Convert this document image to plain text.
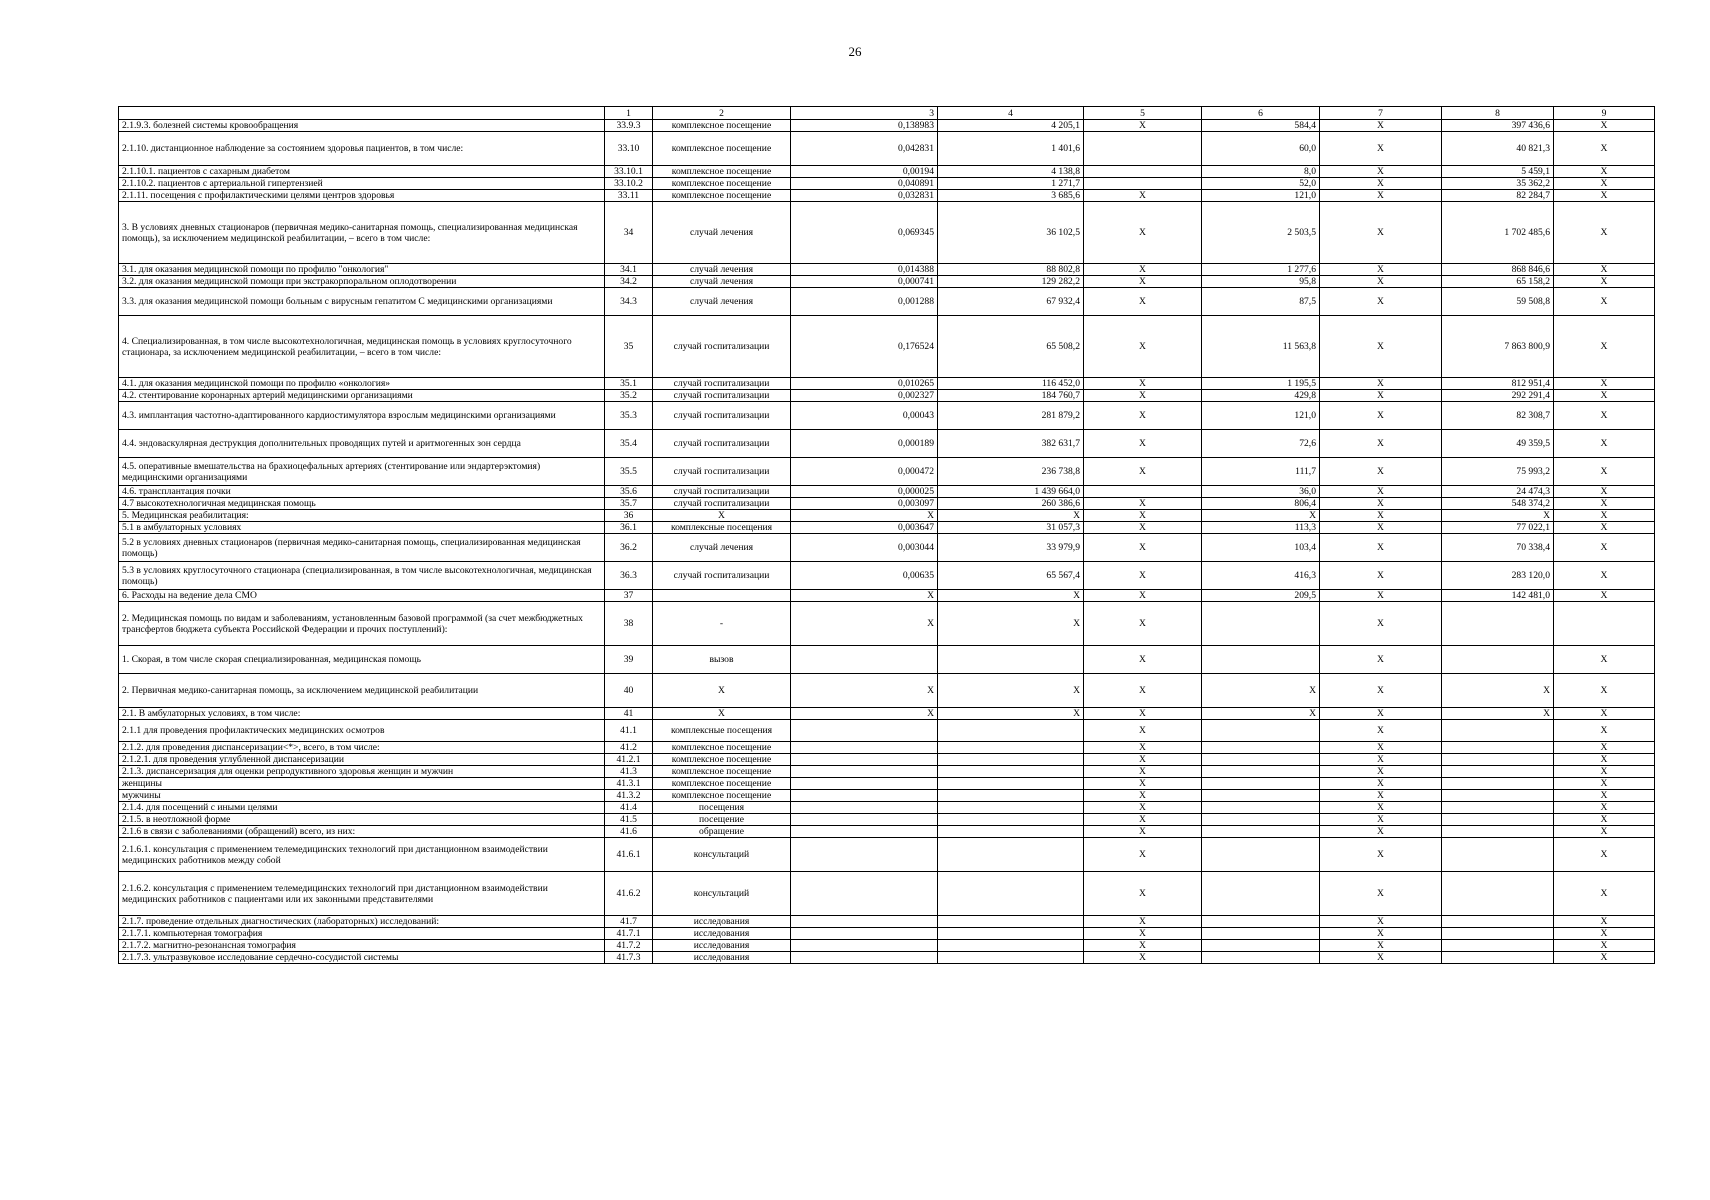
26
	1	2	3	4	5	6	7	8	9
2.1.9.3. болезней системы кровообращения	33.9.3	комплексное посещение	0,138983	4 205,1	X	584,4	X	397 436,6	X
2.1.10. дистанционное наблюдение за состоянием здоровья пациентов, в том числе:	33.10	комплексное посещение	0,042831	1 401,6		60,0	X	40 821,3	X
2.1.10.1. пациентов с сахарным диабетом	33.10.1	комплексное посещение	0,00194	4 138,8		8,0	X	5 459,1	X
2.1.10.2. пациентов с артериальной гипертензией	33.10.2	комплексное посещение	0,040891	1 271,7		52,0	X	35 362,2	X
2.1.11. посещения с профилактическими целями центров здоровья	33.11	комплексное посещение	0,032831	3 685,6	X	121,0	X	82 284,7	X
3. В условиях дневных стационаров (первичная медико-санитарная помощь, специализированная медицинская помощь), за исключением медицинской реабилитации, – всего в том числе:	34	случай лечения	0,069345	36 102,5	X	2 503,5	X	1 702 485,6	X
3.1. для оказания медицинской помощи по профилю "онкология"	34.1	случай лечения	0,014388	88 802,8	X	1 277,6	X	868 846,6	X
3.2. для оказания медицинской помощи при экстракорпоральном оплодотворении	34.2	случай лечения	0,000741	129 282,2	X	95,8	X	65 158,2	X
3.3. для оказания медицинской помощи больным с вирусным гепатитом С медицинскими организациями	34.3	случай лечения	0,001288	67 932,4	X	87,5	X	59 508,8	X
4. Специализированная, в том числе высокотехнологичная, медицинская помощь в условиях круглосуточного стационара, за исключением медицинской реабилитации, – всего в том числе:	35	случай госпитализации	0,176524	65 508,2	X	11 563,8	X	7 863 800,9	X
4.1. для оказания медицинской помощи по профилю «онкология»	35.1	случай госпитализации	0,010265	116 452,0	X	1 195,5	X	812 951,4	X
4.2. стентирование коронарных артерий медицинскими организациями	35.2	случай госпитализации	0,002327	184 760,7	X	429,8	X	292 291,4	X
4.3. имплантация частотно-адаптированного кардиостимулятора взрослым медицинскими организациями	35.3	случай госпитализации	0,00043	281 879,2	X	121,0	X	82 308,7	X
4.4. эндоваскулярная деструкция дополнительных проводящих путей и аритмогенных зон сердца	35.4	случай госпитализации	0,000189	382 631,7	X	72,6	X	49 359,5	X
4.5. оперативные вмешательства на брахиоцефальных артериях (стентирование или эндартерэктомия) медицинскими организациями	35.5	случай госпитализации	0,000472	236 738,8	X	111,7	X	75 993,2	X
4.6. трансплантация почки	35.6	случай госпитализации	0,000025	1 439 664,0		36,0	X	24 474,3	X
4.7 высокотехнологичная медицинская помощь	35.7	случай госпитализации	0,003097	260 386,6	X	806,4	X	548 374,2	X
5. Медицинская реабилитация:	36	X	X	X	X	X	X	X	X
5.1 в амбулаторных условиях	36.1	комплексные посещения	0,003647	31 057,3	X	113,3	X	77 022,1	X
5.2 в условиях дневных стационаров (первичная медико-санитарная помощь, специализированная медицинская помощь)	36.2	случай лечения	0,003044	33 979,9	X	103,4	X	70 338,4	X
5.3 в условиях круглосуточного стационара (специализированная, в том числе высокотехнологичная, медицинская помощь)	36.3	случай госпитализации	0,00635	65 567,4	X	416,3	X	283 120,0	X
6. Расходы на ведение дела СМО	37		X	X	X	209,5	X	142 481,0	X
2. Медицинская помощь по видам и заболеваниям, установленным базовой программой (за счет межбюджетных трансфертов бюджета субъекта Российской Федерации и прочих поступлений):	38	-	X	X	X		X		
1. Скорая, в том числе скорая специализированная, медицинская помощь	39	вызов			X		X		X
2. Первичная медико-санитарная помощь, за исключением медицинской реабилитации	40	X	X	X	X	X	X	X	X
2.1. В амбулаторных условиях, в том числе:	41	X	X	X	X	X	X	X	X
2.1.1 для проведения профилактических медицинских осмотров	41.1	комплексные посещения			X		X		X
2.1.2. для проведения диспансеризации<*>, всего, в том числе:	41.2	комплексное посещение			X		X		X
2.1.2.1. для проведения углубленной диспансеризации	41.2.1	комплексное посещение			X		X		X
2.1.3. диспансеризация для оценки репродуктивного здоровья женщин и мужчин	41.3	комплексное посещение			X		X		X
женщины	41.3.1	комплексное посещение			X		X		X
мужчины	41.3.2	комплексное посещение			X		X		X
2.1.4. для посещений с иными целями	41.4	посещения			X		X		X
2.1.5. в неотложной форме	41.5	посещение			X		X		X
2.1.6 в связи с заболеваниями (обращений) всего, из них:	41.6	обращение			X		X		X
2.1.6.1. консультация с применением телемедицинских технологий при дистанционном взаимодействии медицинских работников между собой	41.6.1	консультаций			X		X		X
2.1.6.2. консультация с применением телемедицинских технологий при дистанционном взаимодействии медицинских работников с пациентами или их законными представителями	41.6.2	консультаций			X		X		X
2.1.7. проведение отдельных диагностических (лабораторных) исследований:	41.7	исследования			X		X		X
2.1.7.1. компьютерная томография	41.7.1	исследования			X		X		X
2.1.7.2. магнитно-резонансная томография	41.7.2	исследования			X		X		X
2.1.7.3. ультразвуковое исследование сердечно-сосудистой системы	41.7.3	исследования			X		X		X
